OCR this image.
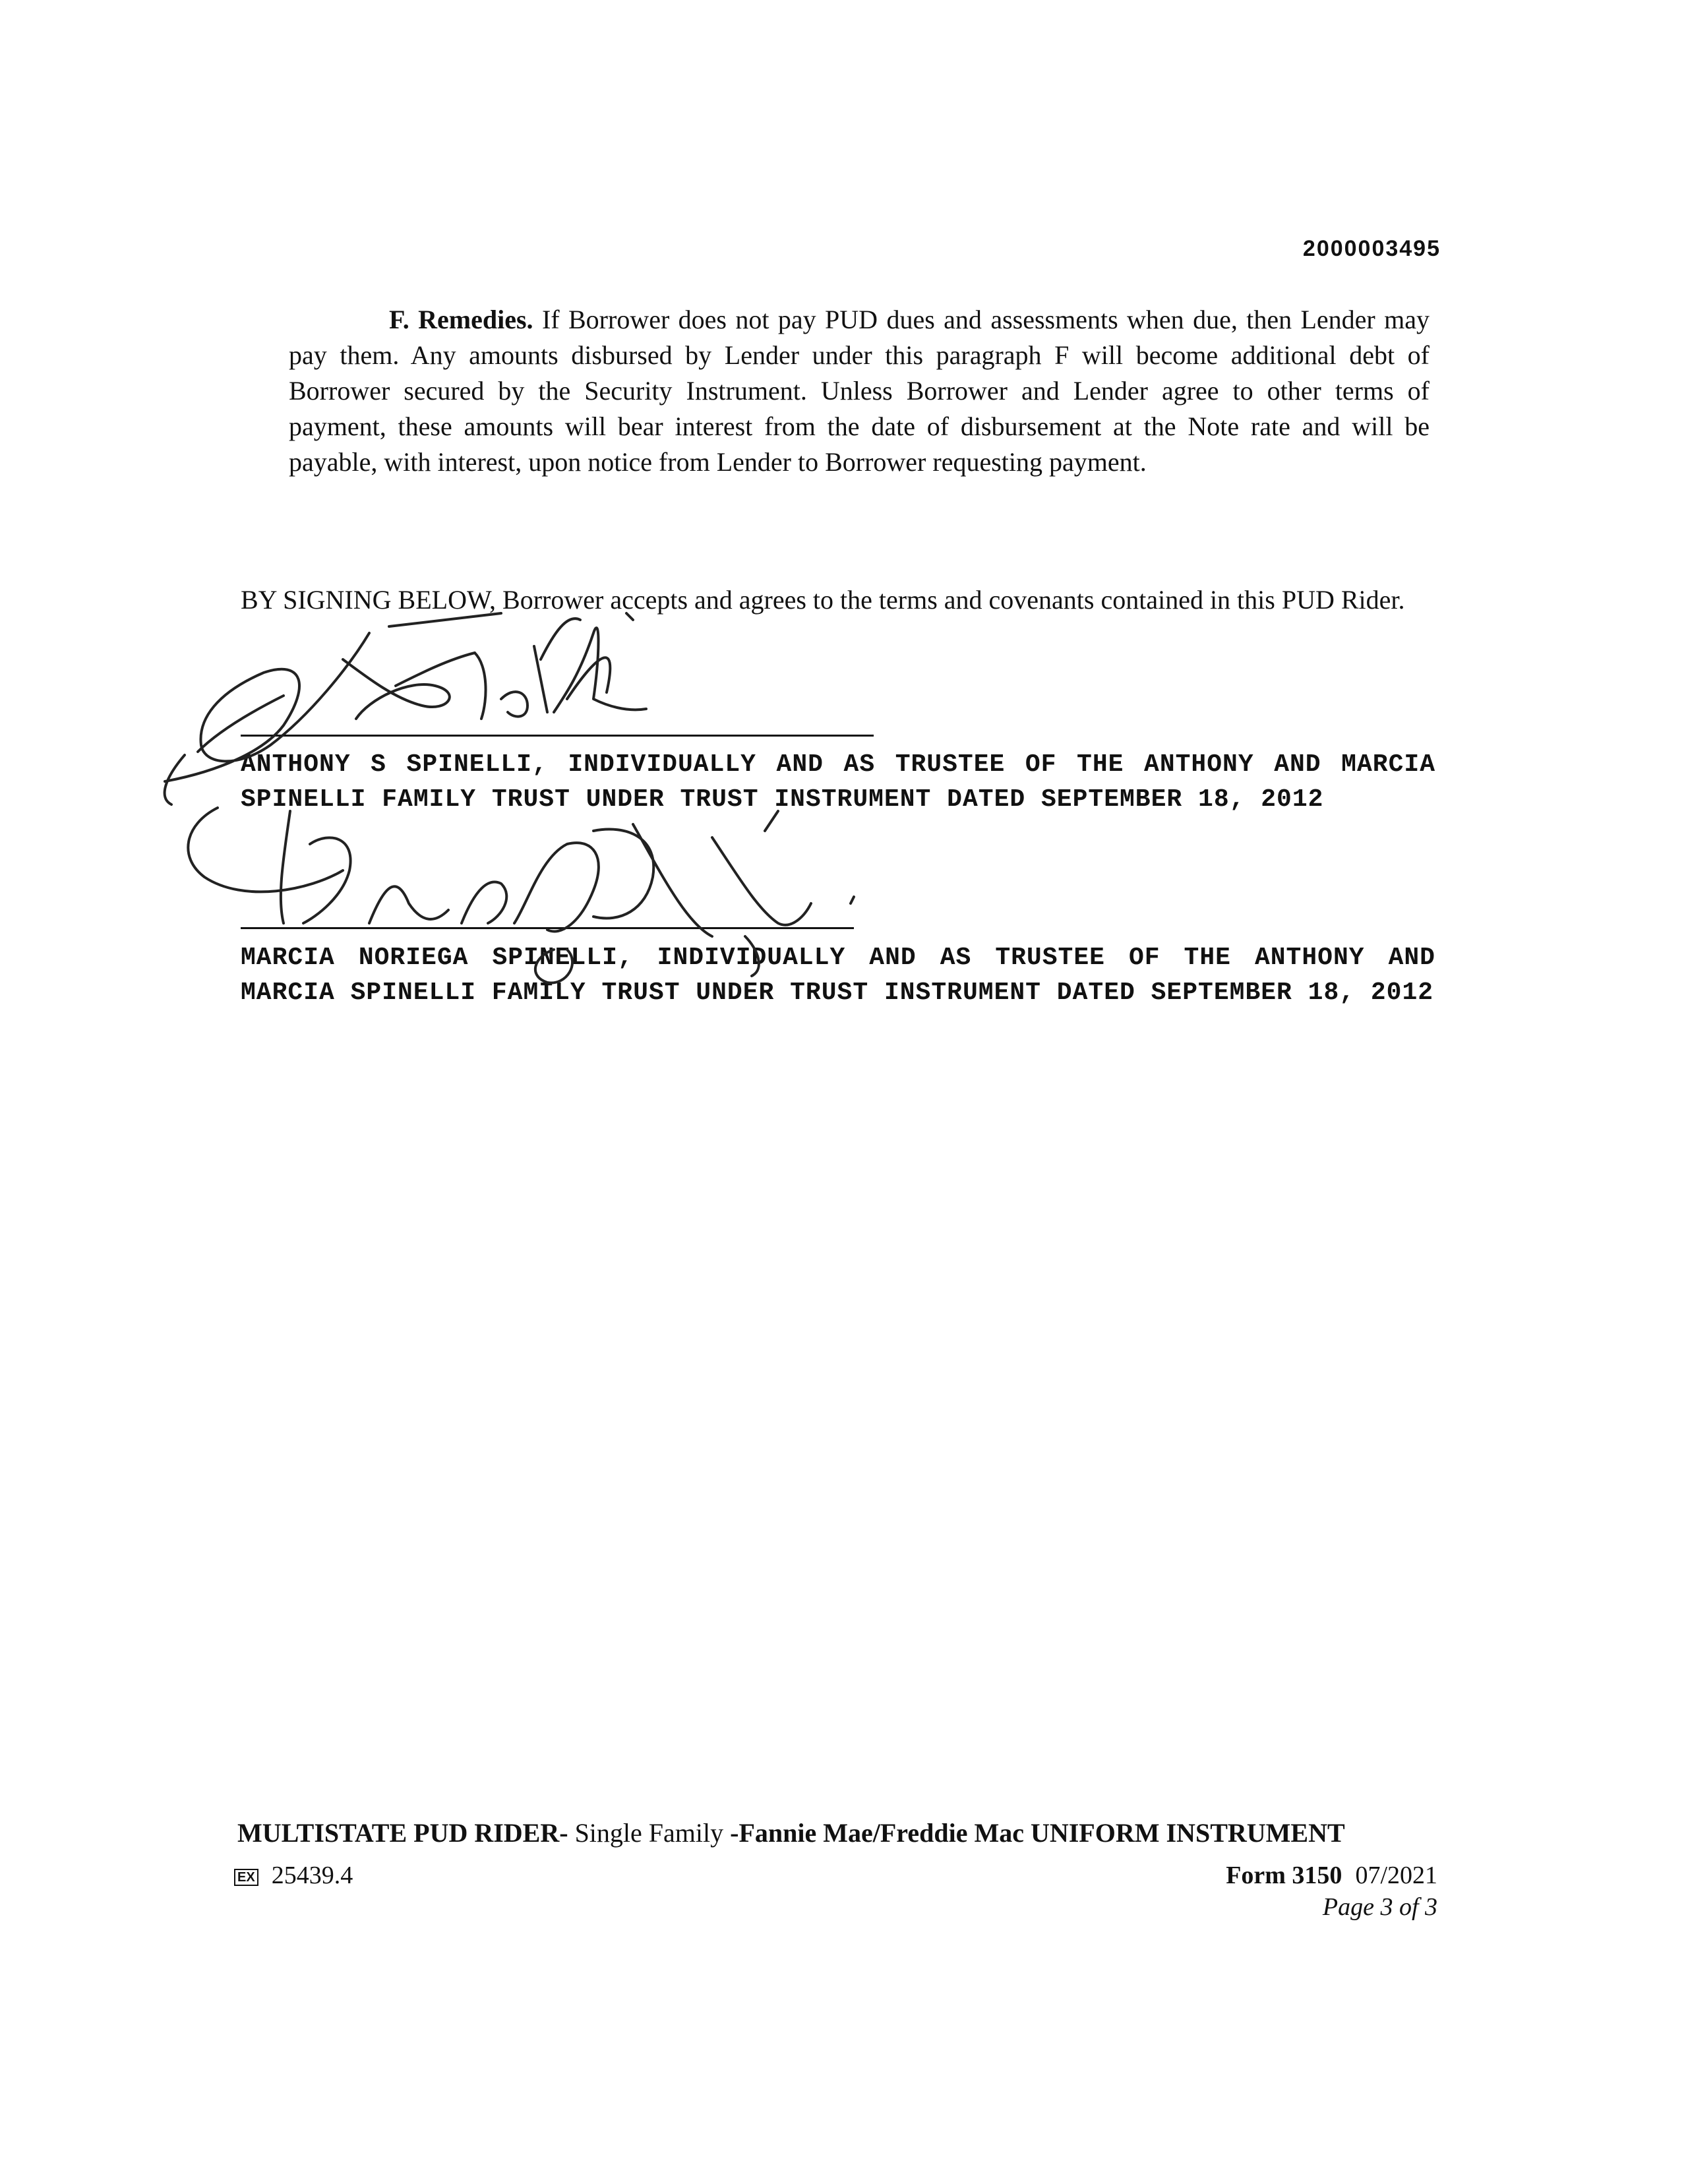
2000003495

F. Remedies. If Borrower does not pay PUD dues and assessments when due, then Lender may pay them. Any amounts disbursed by Lender under this paragraph F will become additional debt of Borrower secured by the Security Instrument. Unless Borrower and Lender agree to other terms of payment, these amounts will bear interest from the date of disbursement at the Note rate and will be payable, with interest, upon notice from Lender to Borrower requesting payment.

BY SIGNING BELOW, Borrower accepts and agrees to the terms and covenants contained in this PUD Rider.

ANTHONY S SPINELLI, INDIVIDUALLY AND AS TRUSTEE OF THE ANTHONY AND MARCIA SPINELLI FAMILY TRUST UNDER TRUST INSTRUMENT DATED SEPTEMBER 18, 2012

MARCIA NORIEGA SPINELLI, INDIVIDUALLY AND AS TRUSTEE OF THE ANTHONY AND MARCIA SPINELLI FAMILY TRUST UNDER TRUST INSTRUMENT DATED SEPTEMBER 18, 2012

MULTISTATE PUD RIDER- Single Family -Fannie Mae/Freddie Mac UNIFORM INSTRUMENT
EX 25439.4	Form 3150 07/2021
Page 3 of 3
